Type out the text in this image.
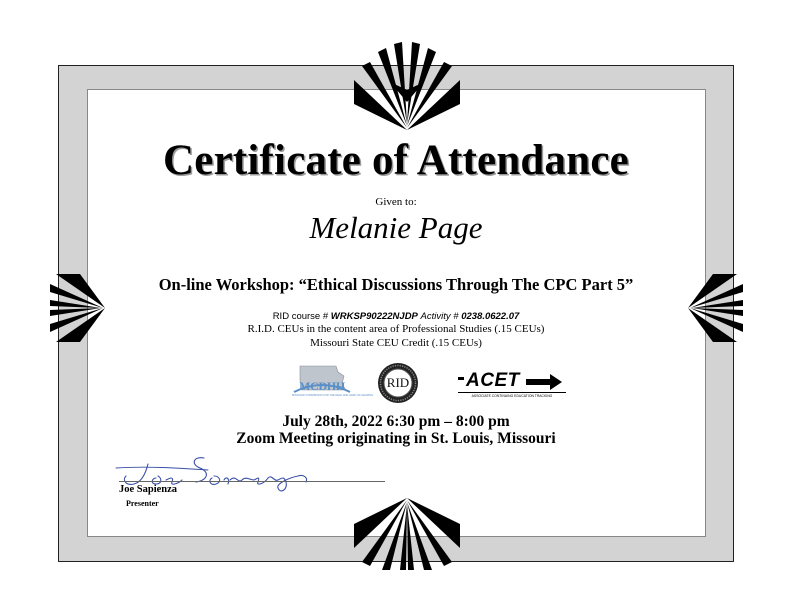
Certificate of Attendance
Given to:
Melanie Page
On-line Workshop: “Ethical Discussions Through The CPC Part 5”
RID course # WRKSP90222NJDP Activity # 0238.0622.07
R.I.D. CEUs in the content area of Professional Studies (.15 CEUs)
Missouri State CEU Credit (.15 CEUs)
MCDHH
MISSOURI COMMISSION FOR THE DEAF AND HARD OF HEARING
RID	ACET
ASSOCIATE CONTINUING EDUCATION TRACKING
July 28th, 2022 6:30 pm – 8:00 pm
Zoom Meeting originating in St. Louis, Missouri
Joe Sapienza
Presenter
